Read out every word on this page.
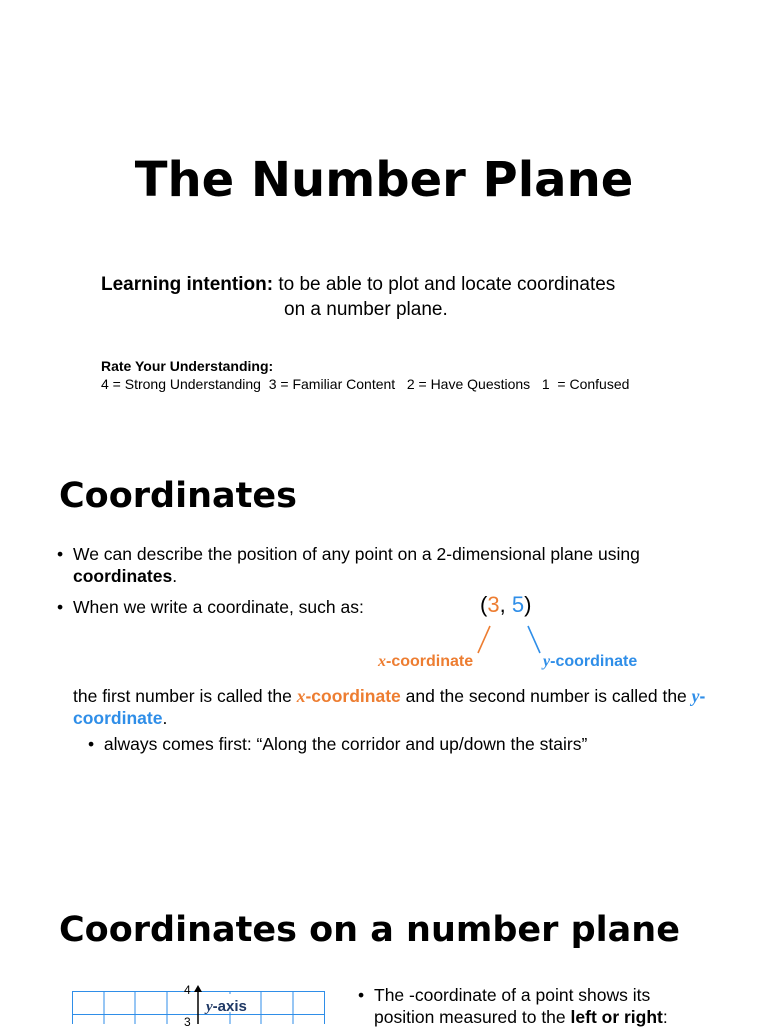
The Number Plane
Learning intention: to be able to plot and locate coordinates
on a number plane.
Rate Your Understanding:
4 = Strong Understanding  3 = Familiar Content   2 = Have Questions   1  = Confused
Coordinates
• We can describe the position of any point on a 2-dimensional plane using
coordinates.
• When we write a coordinate, such as:	(3, 5)
x-coordinate	y-coordinate
the first number is called the x-coordinate and the second number is called the y-coordinate.
• always comes first: “Along the corridor and up/down the stairs”
Coordinates on a number plane
4
3
y-axis
• The -coordinate of a point shows its
position measured to the left or right:
